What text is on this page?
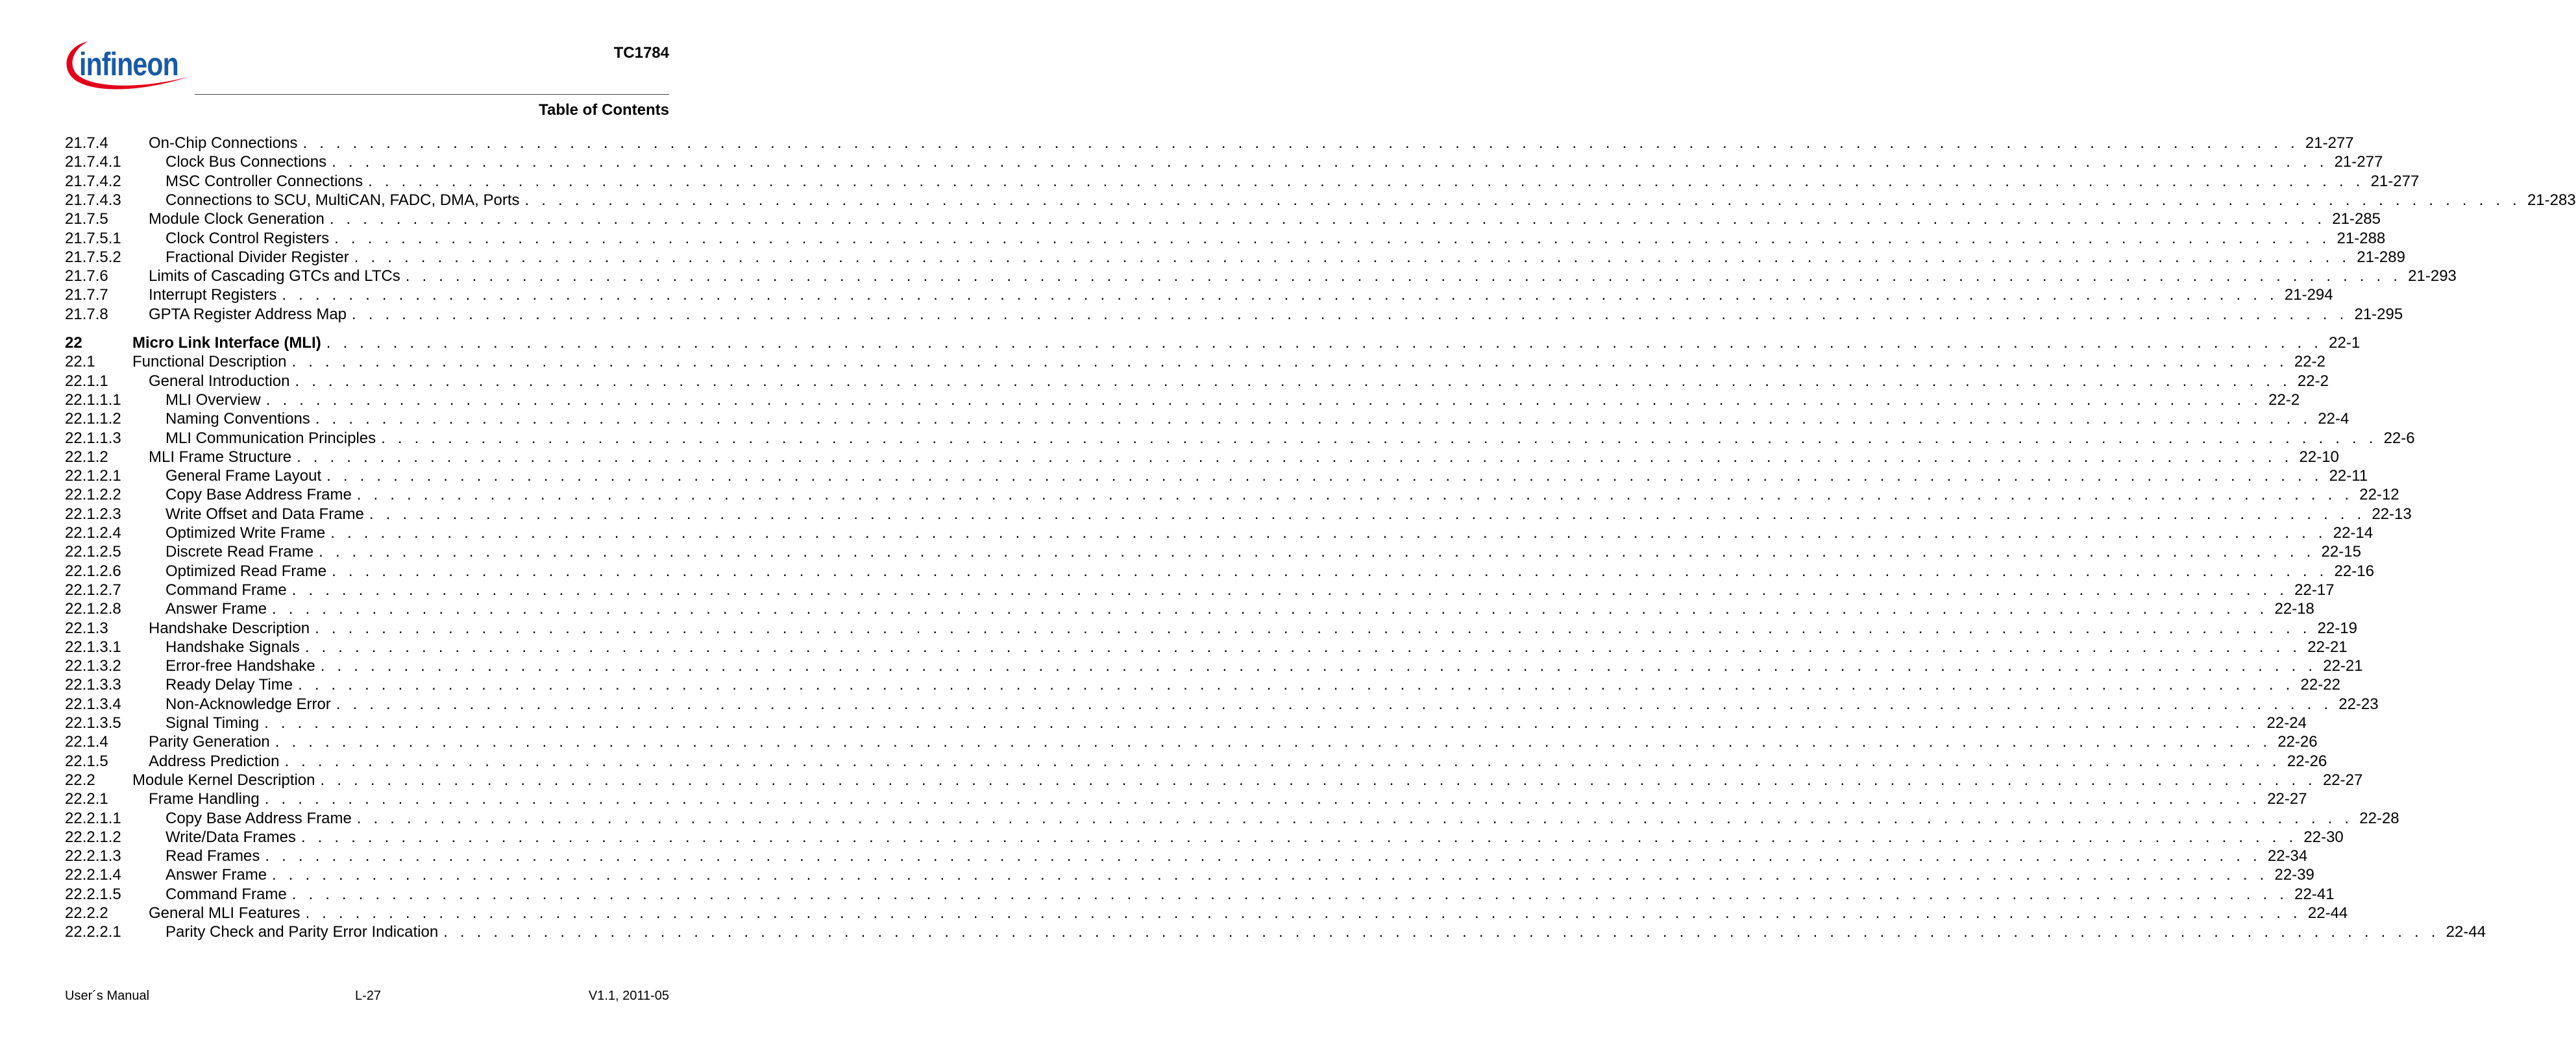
infineon	TC1784
Table of Contents
21.7.4	On-Chip Connections . . . . . . . . . . . . . . . . . . . . . . . . . . . . . . . . . . . . . . . . . . . . . . . . . . . . . . . . . . . . . . . . . . . . . . . . . . . . . . . . . . . . . . . . . . . . . . . . . . . . . . . . . . . . . . . . . . . . . . . . 21-277
21.7.4.1	Clock Bus Connections . . . . . . . . . . . . . . . . . . . . . . . . . . . . . . . . . . . . . . . . . . . . . . . . . . . . . . . . . . . . . . . . . . . . . . . . . . . . . . . . . . . . . . . . . . . . . . . . . . . . . . . . . . . . . . . . . . . . . . . . 21-277
21.7.4.2	MSC Controller Connections . . . . . . . . . . . . . . . . . . . . . . . . . . . . . . . . . . . . . . . . . . . . . . . . . . . . . . . . . . . . . . . . . . . . . . . . . . . . . . . . . . . . . . . . . . . . . . . . . . . . . . . . . . . . . . . . . . . . . . . . 21-277
21.7.4.3	Connections to SCU, MultiCAN, FADC, DMA, Ports . . . . . . . . . . . . . . . . . . . . . . . . . . . . . . . . . . . . . . . . . . . . . . . . . . . . . . . . . . . . . . . . . . . . . . . . . . . . . . . . . . . . . . . . . . . . . . . . . . . . . . . . . . . . . . . . . . . . . . . . 21-283
21.7.5	Module Clock Generation . . . . . . . . . . . . . . . . . . . . . . . . . . . . . . . . . . . . . . . . . . . . . . . . . . . . . . . . . . . . . . . . . . . . . . . . . . . . . . . . . . . . . . . . . . . . . . . . . . . . . . . . . . . . . . . . . . . . . . . . 21-285
21.7.5.1	Clock Control Registers . . . . . . . . . . . . . . . . . . . . . . . . . . . . . . . . . . . . . . . . . . . . . . . . . . . . . . . . . . . . . . . . . . . . . . . . . . . . . . . . . . . . . . . . . . . . . . . . . . . . . . . . . . . . . . . . . . . . . . . . 21-288
21.7.5.2	Fractional Divider Register . . . . . . . . . . . . . . . . . . . . . . . . . . . . . . . . . . . . . . . . . . . . . . . . . . . . . . . . . . . . . . . . . . . . . . . . . . . . . . . . . . . . . . . . . . . . . . . . . . . . . . . . . . . . . . . . . . . . . . . . 21-289
21.7.6	Limits of Cascading GTCs and LTCs . . . . . . . . . . . . . . . . . . . . . . . . . . . . . . . . . . . . . . . . . . . . . . . . . . . . . . . . . . . . . . . . . . . . . . . . . . . . . . . . . . . . . . . . . . . . . . . . . . . . . . . . . . . . . . . . . . . . . . . . 21-293
21.7.7	Interrupt Registers . . . . . . . . . . . . . . . . . . . . . . . . . . . . . . . . . . . . . . . . . . . . . . . . . . . . . . . . . . . . . . . . . . . . . . . . . . . . . . . . . . . . . . . . . . . . . . . . . . . . . . . . . . . . . . . . . . . . . . . . 21-294
21.7.8	GPTA Register Address Map . . . . . . . . . . . . . . . . . . . . . . . . . . . . . . . . . . . . . . . . . . . . . . . . . . . . . . . . . . . . . . . . . . . . . . . . . . . . . . . . . . . . . . . . . . . . . . . . . . . . . . . . . . . . . . . . . . . . . . . . 21-295
22	Micro Link Interface (MLI) . . . . . . . . . . . . . . . . . . . . . . . . . . . . . . . . . . . . . . . . . . . . . . . . . . . . . . . . . . . . . . . . . . . . . . . . . . . . . . . . . . . . . . . . . . . . . . . . . . . . . . . . . . . . . . . . . . . . . . . . 22-1
22.1 Functional Description . . . . . . . . . . . . . . . . . . . . . . . . . . . . . . . . . . . . . . . . . . . . . . . . . . . . . . . . . . . . . . . . . . . . . . . . . . . . . . . . . . . . . . . . . . . . . . . . . . . . . . . . . . . . . . . . . . . . . . . . 22-2
22.1.1	General Introduction . . . . . . . . . . . . . . . . . . . . . . . . . . . . . . . . . . . . . . . . . . . . . . . . . . . . . . . . . . . . . . . . . . . . . . . . . . . . . . . . . . . . . . . . . . . . . . . . . . . . . . . . . . . . . . . . . . . . . . . . 22-2
22.1.1.1	MLI Overview . . . . . . . . . . . . . . . . . . . . . . . . . . . . . . . . . . . . . . . . . . . . . . . . . . . . . . . . . . . . . . . . . . . . . . . . . . . . . . . . . . . . . . . . . . . . . . . . . . . . . . . . . . . . . . . . . . . . . . . . 22-2
22.1.1.2	Naming Conventions . . . . . . . . . . . . . . . . . . . . . . . . . . . . . . . . . . . . . . . . . . . . . . . . . . . . . . . . . . . . . . . . . . . . . . . . . . . . . . . . . . . . . . . . . . . . . . . . . . . . . . . . . . . . . . . . . . . . . . . . 22-4
22.1.1.3	MLI Communication Principles . . . . . . . . . . . . . . . . . . . . . . . . . . . . . . . . . . . . . . . . . . . . . . . . . . . . . . . . . . . . . . . . . . . . . . . . . . . . . . . . . . . . . . . . . . . . . . . . . . . . . . . . . . . . . . . . . . . . . . . . 22-6
22.1.2	MLI Frame Structure . . . . . . . . . . . . . . . . . . . . . . . . . . . . . . . . . . . . . . . . . . . . . . . . . . . . . . . . . . . . . . . . . . . . . . . . . . . . . . . . . . . . . . . . . . . . . . . . . . . . . . . . . . . . . . . . . . . . . . . . 22-10
22.1.2.1	General Frame Layout . . . . . . . . . . . . . . . . . . . . . . . . . . . . . . . . . . . . . . . . . . . . . . . . . . . . . . . . . . . . . . . . . . . . . . . . . . . . . . . . . . . . . . . . . . . . . . . . . . . . . . . . . . . . . . . . . . . . . . . . 22-11
22.1.2.2	Copy Base Address Frame . . . . . . . . . . . . . . . . . . . . . . . . . . . . . . . . . . . . . . . . . . . . . . . . . . . . . . . . . . . . . . . . . . . . . . . . . . . . . . . . . . . . . . . . . . . . . . . . . . . . . . . . . . . . . . . . . . . . . . . . 22-12
22.1.2.3	Write Offset and Data Frame . . . . . . . . . . . . . . . . . . . . . . . . . . . . . . . . . . . . . . . . . . . . . . . . . . . . . . . . . . . . . . . . . . . . . . . . . . . . . . . . . . . . . . . . . . . . . . . . . . . . . . . . . . . . . . . . . . . . . . . . 22-13
22.1.2.4	Optimized Write Frame . . . . . . . . . . . . . . . . . . . . . . . . . . . . . . . . . . . . . . . . . . . . . . . . . . . . . . . . . . . . . . . . . . . . . . . . . . . . . . . . . . . . . . . . . . . . . . . . . . . . . . . . . . . . . . . . . . . . . . . . 22-14
22.1.2.5	Discrete Read Frame . . . . . . . . . . . . . . . . . . . . . . . . . . . . . . . . . . . . . . . . . . . . . . . . . . . . . . . . . . . . . . . . . . . . . . . . . . . . . . . . . . . . . . . . . . . . . . . . . . . . . . . . . . . . . . . . . . . . . . . . 22-15
22.1.2.6	Optimized Read Frame . . . . . . . . . . . . . . . . . . . . . . . . . . . . . . . . . . . . . . . . . . . . . . . . . . . . . . . . . . . . . . . . . . . . . . . . . . . . . . . . . . . . . . . . . . . . . . . . . . . . . . . . . . . . . . . . . . . . . . . . 22-16
22.1.2.7	Command Frame . . . . . . . . . . . . . . . . . . . . . . . . . . . . . . . . . . . . . . . . . . . . . . . . . . . . . . . . . . . . . . . . . . . . . . . . . . . . . . . . . . . . . . . . . . . . . . . . . . . . . . . . . . . . . . . . . . . . . . . . 22-17
22.1.2.8	Answer Frame . . . . . . . . . . . . . . . . . . . . . . . . . . . . . . . . . . . . . . . . . . . . . . . . . . . . . . . . . . . . . . . . . . . . . . . . . . . . . . . . . . . . . . . . . . . . . . . . . . . . . . . . . . . . . . . . . . . . . . . . 22-18
22.1.3	Handshake Description . . . . . . . . . . . . . . . . . . . . . . . . . . . . . . . . . . . . . . . . . . . . . . . . . . . . . . . . . . . . . . . . . . . . . . . . . . . . . . . . . . . . . . . . . . . . . . . . . . . . . . . . . . . . . . . . . . . . . . . . 22-19
22.1.3.1	Handshake Signals . . . . . . . . . . . . . . . . . . . . . . . . . . . . . . . . . . . . . . . . . . . . . . . . . . . . . . . . . . . . . . . . . . . . . . . . . . . . . . . . . . . . . . . . . . . . . . . . . . . . . . . . . . . . . . . . . . . . . . . . 22-21
22.1.3.2	Error-free Handshake . . . . . . . . . . . . . . . . . . . . . . . . . . . . . . . . . . . . . . . . . . . . . . . . . . . . . . . . . . . . . . . . . . . . . . . . . . . . . . . . . . . . . . . . . . . . . . . . . . . . . . . . . . . . . . . . . . . . . . . . 22-21
22.1.3.3	Ready Delay Time . . . . . . . . . . . . . . . . . . . . . . . . . . . . . . . . . . . . . . . . . . . . . . . . . . . . . . . . . . . . . . . . . . . . . . . . . . . . . . . . . . . . . . . . . . . . . . . . . . . . . . . . . . . . . . . . . . . . . . . . 22-22
22.1.3.4	Non-Acknowledge Error . . . . . . . . . . . . . . . . . . . . . . . . . . . . . . . . . . . . . . . . . . . . . . . . . . . . . . . . . . . . . . . . . . . . . . . . . . . . . . . . . . . . . . . . . . . . . . . . . . . . . . . . . . . . . . . . . . . . . . . . 22-23
22.1.3.5	Signal Timing . . . . . . . . . . . . . . . . . . . . . . . . . . . . . . . . . . . . . . . . . . . . . . . . . . . . . . . . . . . . . . . . . . . . . . . . . . . . . . . . . . . . . . . . . . . . . . . . . . . . . . . . . . . . . . . . . . . . . . . . 22-24
22.1.4	Parity Generation . . . . . . . . . . . . . . . . . . . . . . . . . . . . . . . . . . . . . . . . . . . . . . . . . . . . . . . . . . . . . . . . . . . . . . . . . . . . . . . . . . . . . . . . . . . . . . . . . . . . . . . . . . . . . . . . . . . . . . . . 22-26
22.1.5	Address Prediction . . . . . . . . . . . . . . . . . . . . . . . . . . . . . . . . . . . . . . . . . . . . . . . . . . . . . . . . . . . . . . . . . . . . . . . . . . . . . . . . . . . . . . . . . . . . . . . . . . . . . . . . . . . . . . . . . . . . . . . . 22-26
22.2 Module Kernel Description . . . . . . . . . . . . . . . . . . . . . . . . . . . . . . . . . . . . . . . . . . . . . . . . . . . . . . . . . . . . . . . . . . . . . . . . . . . . . . . . . . . . . . . . . . . . . . . . . . . . . . . . . . . . . . . . . . . . . . . . 22-27
22.2.1	Frame Handling . . . . . . . . . . . . . . . . . . . . . . . . . . . . . . . . . . . . . . . . . . . . . . . . . . . . . . . . . . . . . . . . . . . . . . . . . . . . . . . . . . . . . . . . . . . . . . . . . . . . . . . . . . . . . . . . . . . . . . . . 22-27
22.2.1.1	Copy Base Address Frame . . . . . . . . . . . . . . . . . . . . . . . . . . . . . . . . . . . . . . . . . . . . . . . . . . . . . . . . . . . . . . . . . . . . . . . . . . . . . . . . . . . . . . . . . . . . . . . . . . . . . . . . . . . . . . . . . . . . . . . . 22-28
22.2.1.2	Write/Data Frames . . . . . . . . . . . . . . . . . . . . . . . . . . . . . . . . . . . . . . . . . . . . . . . . . . . . . . . . . . . . . . . . . . . . . . . . . . . . . . . . . . . . . . . . . . . . . . . . . . . . . . . . . . . . . . . . . . . . . . . . 22-30
22.2.1.3	Read Frames . . . . . . . . . . . . . . . . . . . . . . . . . . . . . . . . . . . . . . . . . . . . . . . . . . . . . . . . . . . . . . . . . . . . . . . . . . . . . . . . . . . . . . . . . . . . . . . . . . . . . . . . . . . . . . . . . . . . . . . . 22-34
22.2.1.4	Answer Frame . . . . . . . . . . . . . . . . . . . . . . . . . . . . . . . . . . . . . . . . . . . . . . . . . . . . . . . . . . . . . . . . . . . . . . . . . . . . . . . . . . . . . . . . . . . . . . . . . . . . . . . . . . . . . . . . . . . . . . . . 22-39
22.2.1.5	Command Frame . . . . . . . . . . . . . . . . . . . . . . . . . . . . . . . . . . . . . . . . . . . . . . . . . . . . . . . . . . . . . . . . . . . . . . . . . . . . . . . . . . . . . . . . . . . . . . . . . . . . . . . . . . . . . . . . . . . . . . . . 22-41
22.2.2	General MLI Features . . . . . . . . . . . . . . . . . . . . . . . . . . . . . . . . . . . . . . . . . . . . . . . . . . . . . . . . . . . . . . . . . . . . . . . . . . . . . . . . . . . . . . . . . . . . . . . . . . . . . . . . . . . . . . . . . . . . . . . . 22-44
22.2.2.1	Parity Check and Parity Error Indication . . . . . . . . . . . . . . . . . . . . . . . . . . . . . . . . . . . . . . . . . . . . . . . . . . . . . . . . . . . . . . . . . . . . . . . . . . . . . . . . . . . . . . . . . . . . . . . . . . . . . . . . . . . . . . . . . . . . . . . . 22-44
User´s Manual	L-27	V1.1, 2011-05
